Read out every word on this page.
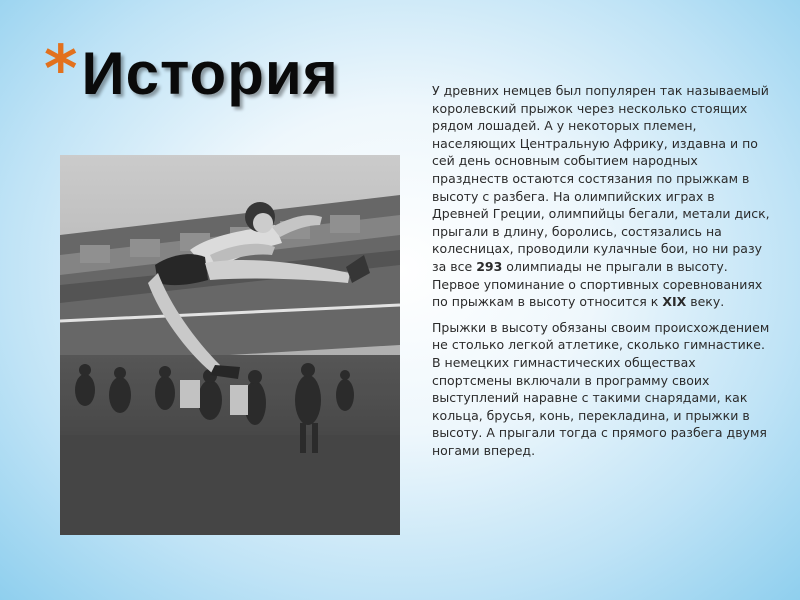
* История	У древних немцев был популярен так называемый королевский прыжок через несколько стоящих рядом лошадей. А у некоторых племен, населяющих Центральную Африку, издавна и по сей день основным событием народных празднеств остаются состязания по прыжкам в высоту с разбега. На олимпийских играх в Древней Греции, олимпийцы бегали, метали диск, прыгали в длину, боролись, состязались на колесницах, проводили кулачные бои, но ни разу за все 293 олимпиады не прыгали в высоту. Первое упоминание о спортивных соревнованиях по прыжкам в высоту относится к XIX веку.

Прыжки в высоту обязаны своим происхождением не столько легкой атлетике, сколько гимнастике. В немецких гимнастических обществах спортсмены включали в программу своих выступлений наравне с такими снарядами, как кольца, брусья, конь, перекладина, и прыжки в высоту. А прыгали тогда с прямого разбега двумя ногами вперед.
